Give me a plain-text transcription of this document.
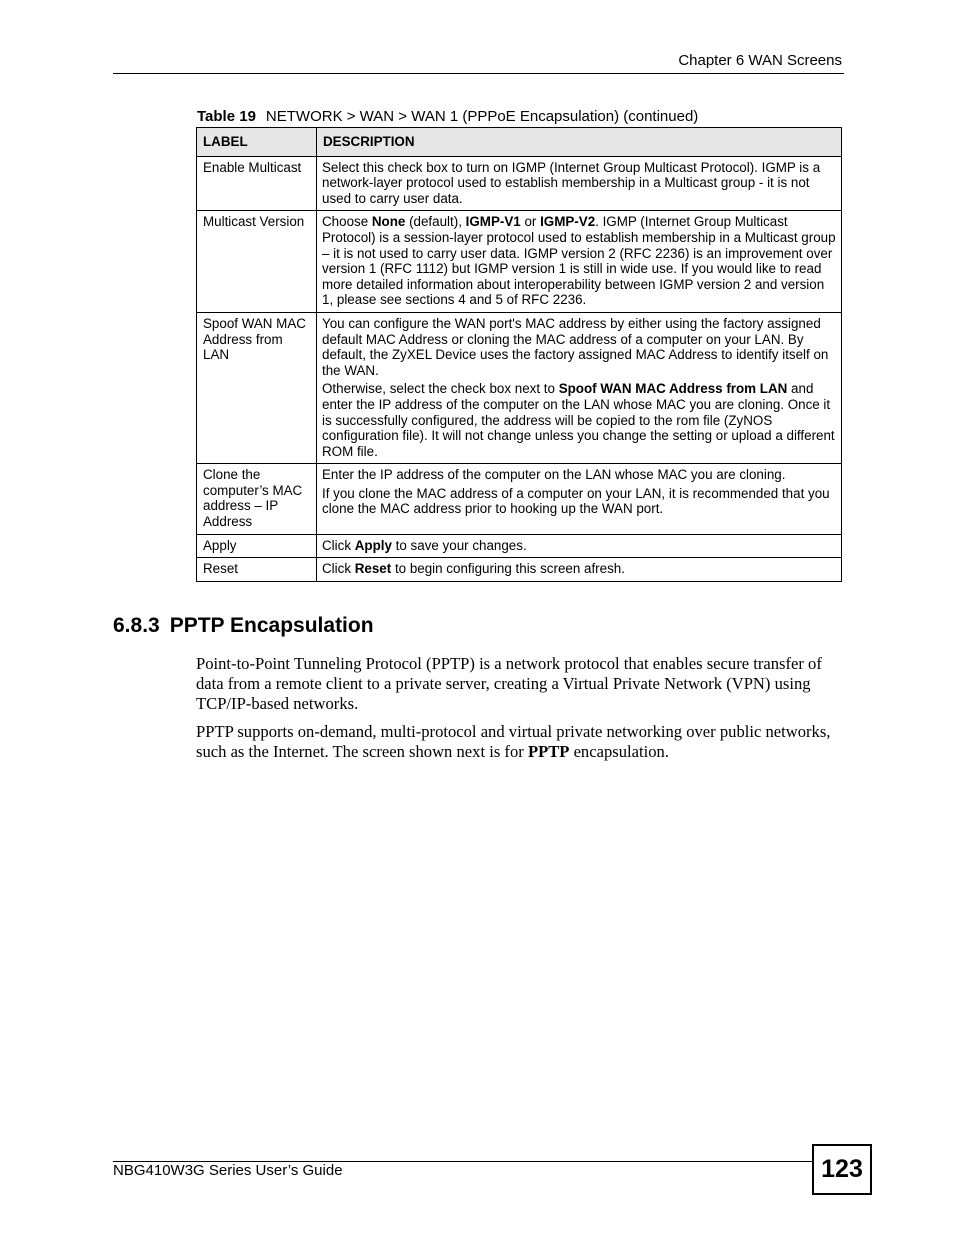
Chapter 6 WAN Screens
Table 19 NETWORK > WAN > WAN 1 (PPPoE Encapsulation) (continued)
LABEL	DESCRIPTION
Enable Multicast	Select this check box to turn on IGMP (Internet Group Multicast Protocol). IGMP is a network-layer protocol used to establish membership in a Multicast group - it is not used to carry user data.

Multicast Version	Choose None (default), IGMP-V1 or IGMP-V2. IGMP (Internet Group Multicast Protocol) is a session-layer protocol used to establish membership in a Multicast group – it is not used to carry user data. IGMP version 2 (RFC 2236) is an improvement over version 1 (RFC 1112) but IGMP version 1 is still in wide use. If you would like to read more detailed information about interoperability between IGMP version 2 and version 1, please see sections 4 and 5 of RFC 2236.

Spoof WAN MAC Address from LAN	You can configure the WAN port's MAC address by either using the factory assigned default MAC Address or cloning the MAC address of a computer on your LAN. By default, the ZyXEL Device uses the factory assigned MAC Address to identify itself on the WAN.

Otherwise, select the check box next to Spoof WAN MAC Address from LAN and enter the IP address of the computer on the LAN whose MAC you are cloning. Once it is successfully configured, the address will be copied to the rom file (ZyNOS configuration file). It will not change unless you change the setting or upload a different ROM file.

Clone the computer’s MAC address – IP Address	Enter the IP address of the computer on the LAN whose MAC you are cloning.

If you clone the MAC address of a computer on your LAN, it is recommended that you clone the MAC address prior to hooking up the WAN port.

Apply	Click Apply to save your changes.

Reset	Click Reset to begin configuring this screen afresh.

6.8.3 PPTP Encapsulation

Point-to-Point Tunneling Protocol (PPTP) is a network protocol that enables secure transfer of data from a remote client to a private server, creating a Virtual Private Network (VPN) using TCP/IP-based networks.

PPTP supports on-demand, multi-protocol and virtual private networking over public networks, such as the Internet. The screen shown next is for PPTP encapsulation.

NBG410W3G Series User’s Guide	123
